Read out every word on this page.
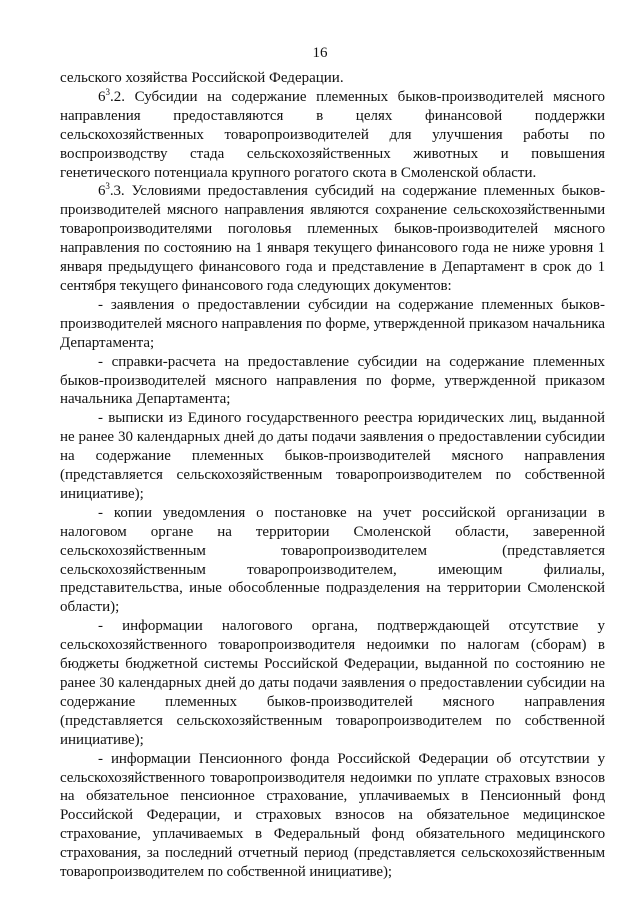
16

сельского хозяйства Российской Федерации.

$6^3.2$. Субсидии на содержание племенных быков-производителей мясного направления предоставляются в целях финансовой поддержки сельскохозяйственных товаропроизводителей для улучшения работы по воспроизводству стада сельскохозяйственных животных и повышения генетического потенциала крупного рогатого скота в Смоленской области.

$6^3.3$. Условиями предоставления субсидий на содержание племенных быков-производителей мясного направления являются сохранение сельскохозяйственными товаропроизводителями поголовья племенных быков-производителей мясного направления по состоянию на 1 января текущего финансового года не ниже уровня 1 января предыдущего финансового года и представление в Департамент в срок до 1 сентября текущего финансового года следующих документов:

- заявления о предоставлении субсидии на содержание племенных быков-производителей мясного направления по форме, утвержденной приказом начальника Департамента;

- справки-расчета на предоставление субсидии на содержание племенных быков-производителей мясного направления по форме, утвержденной приказом начальника Департамента;

- выписки из Единого государственного реестра юридических лиц, выданной не ранее 30 календарных дней до даты подачи заявления о предоставлении субсидии на содержание племенных быков-производителей мясного направления (представляется сельскохозяйственным товаропроизводителем по собственной инициативе);

- копии уведомления о постановке на учет российской организации в налоговом органе на территории Смоленской области, заверенной сельскохозяйственным товаропроизводителем (представляется сельскохозяйственным товаропроизводителем, имеющим филиалы, представительства, иные обособленные подразделения на территории Смоленской области);

- информации налогового органа, подтверждающей отсутствие у сельскохозяйственного товаропроизводителя недоимки по налогам (сборам) в бюджеты бюджетной системы Российской Федерации, выданной по состоянию не ранее 30 календарных дней до даты подачи заявления о предоставлении субсидии на содержание племенных быков-производителей мясного направления (представляется сельскохозяйственным товаропроизводителем по собственной инициативе);

- информации Пенсионного фонда Российской Федерации об отсутствии у сельскохозяйственного товаропроизводителя недоимки по уплате страховых взносов на обязательное пенсионное страхование, уплачиваемых в Пенсионный фонд Российской Федерации, и страховых взносов на обязательное медицинское страхование, уплачиваемых в Федеральный фонд обязательного медицинского страхования, за последний отчетный период (представляется сельскохозяйственным товаропроизводителем по собственной инициативе);
